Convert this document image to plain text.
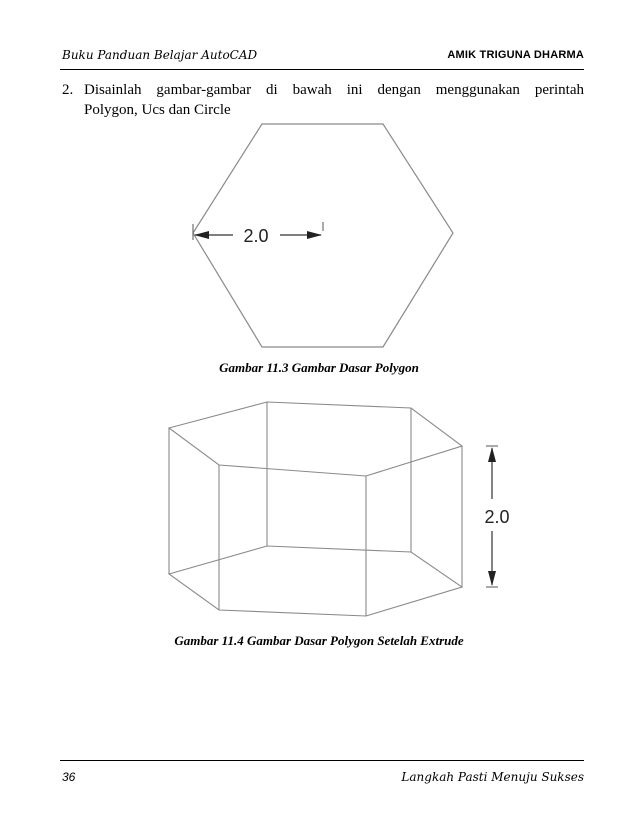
Buku Panduan Belajar AutoCAD	AMIK TRIGUNA DHARMA
2. Disainlah gambar-gambar di bawah ini dengan menggunakan perintah
Polygon, Ucs dan Circle
2.0
Gambar 11.3 Gambar Dasar Polygon
2.0
Gambar 11.4 Gambar Dasar Polygon Setelah Extrude
36	Langkah Pasti Menuju Sukses
